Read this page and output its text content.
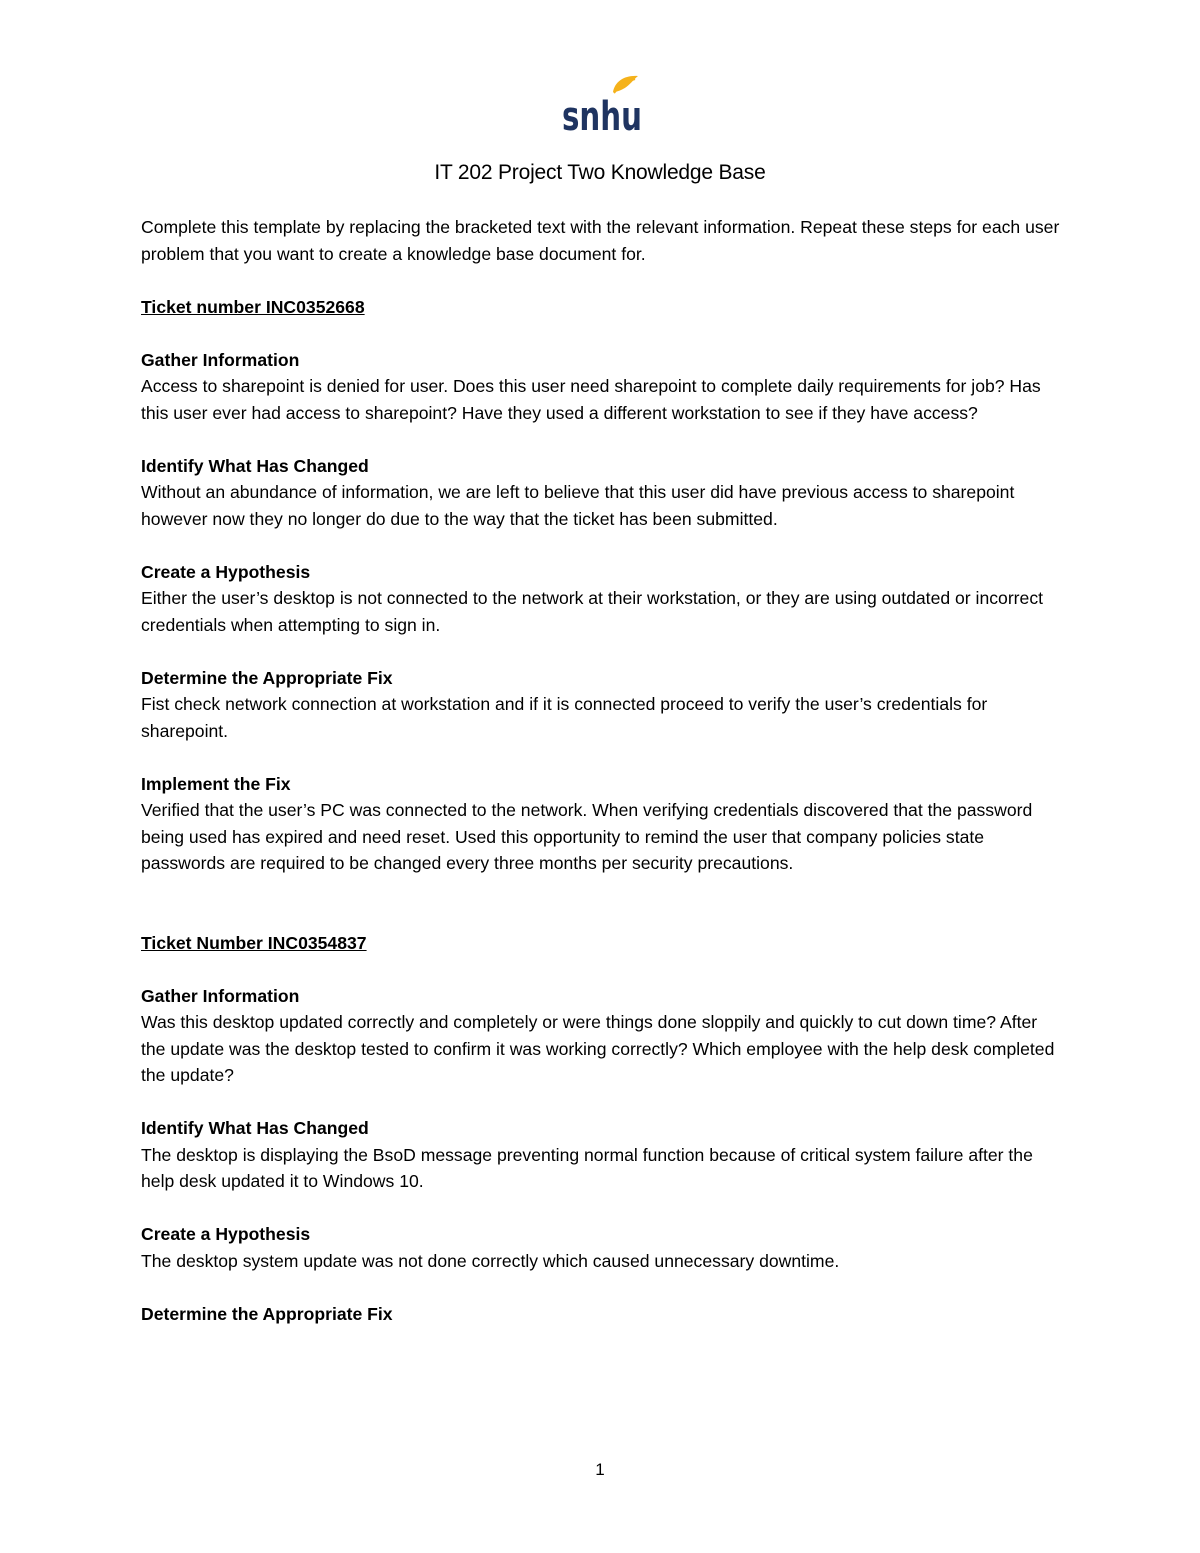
snhu
IT 202 Project Two Knowledge Base

Complete this template by replacing the bracketed text with the relevant information. Repeat these steps for each user problem that you want to create a knowledge base document for.

Ticket number INC0352668

Gather Information

Access to sharepoint is denied for user. Does this user need sharepoint to complete daily requirements for job? Has this user ever had access to sharepoint? Have they used a different workstation to see if they have access?

Identify What Has Changed

Without an abundance of information, we are left to believe that this user did have previous access to sharepoint however now they no longer do due to the way that the ticket has been submitted.

Create a Hypothesis

Either the user’s desktop is not connected to the network at their workstation, or they are using outdated or incorrect credentials when attempting to sign in.

Determine the Appropriate Fix

Fist check network connection at workstation and if it is connected proceed to verify the user’s credentials for sharepoint.

Implement the Fix

Verified that the user’s PC was connected to the network. When verifying credentials discovered that the password being used has expired and need reset. Used this opportunity to remind the user that company policies state passwords are required to be changed every three months per security precautions.

Ticket Number INC0354837

Gather Information

Was this desktop updated correctly and completely or were things done sloppily and quickly to cut down time? After the update was the desktop tested to confirm it was working correctly? Which employee with the help desk completed the update?

Identify What Has Changed

The desktop is displaying the BsoD message preventing normal function because of critical system failure after the help desk updated it to Windows 10.

Create a Hypothesis

The desktop system update was not done correctly which caused unnecessary downtime.

Determine the Appropriate Fix

1
